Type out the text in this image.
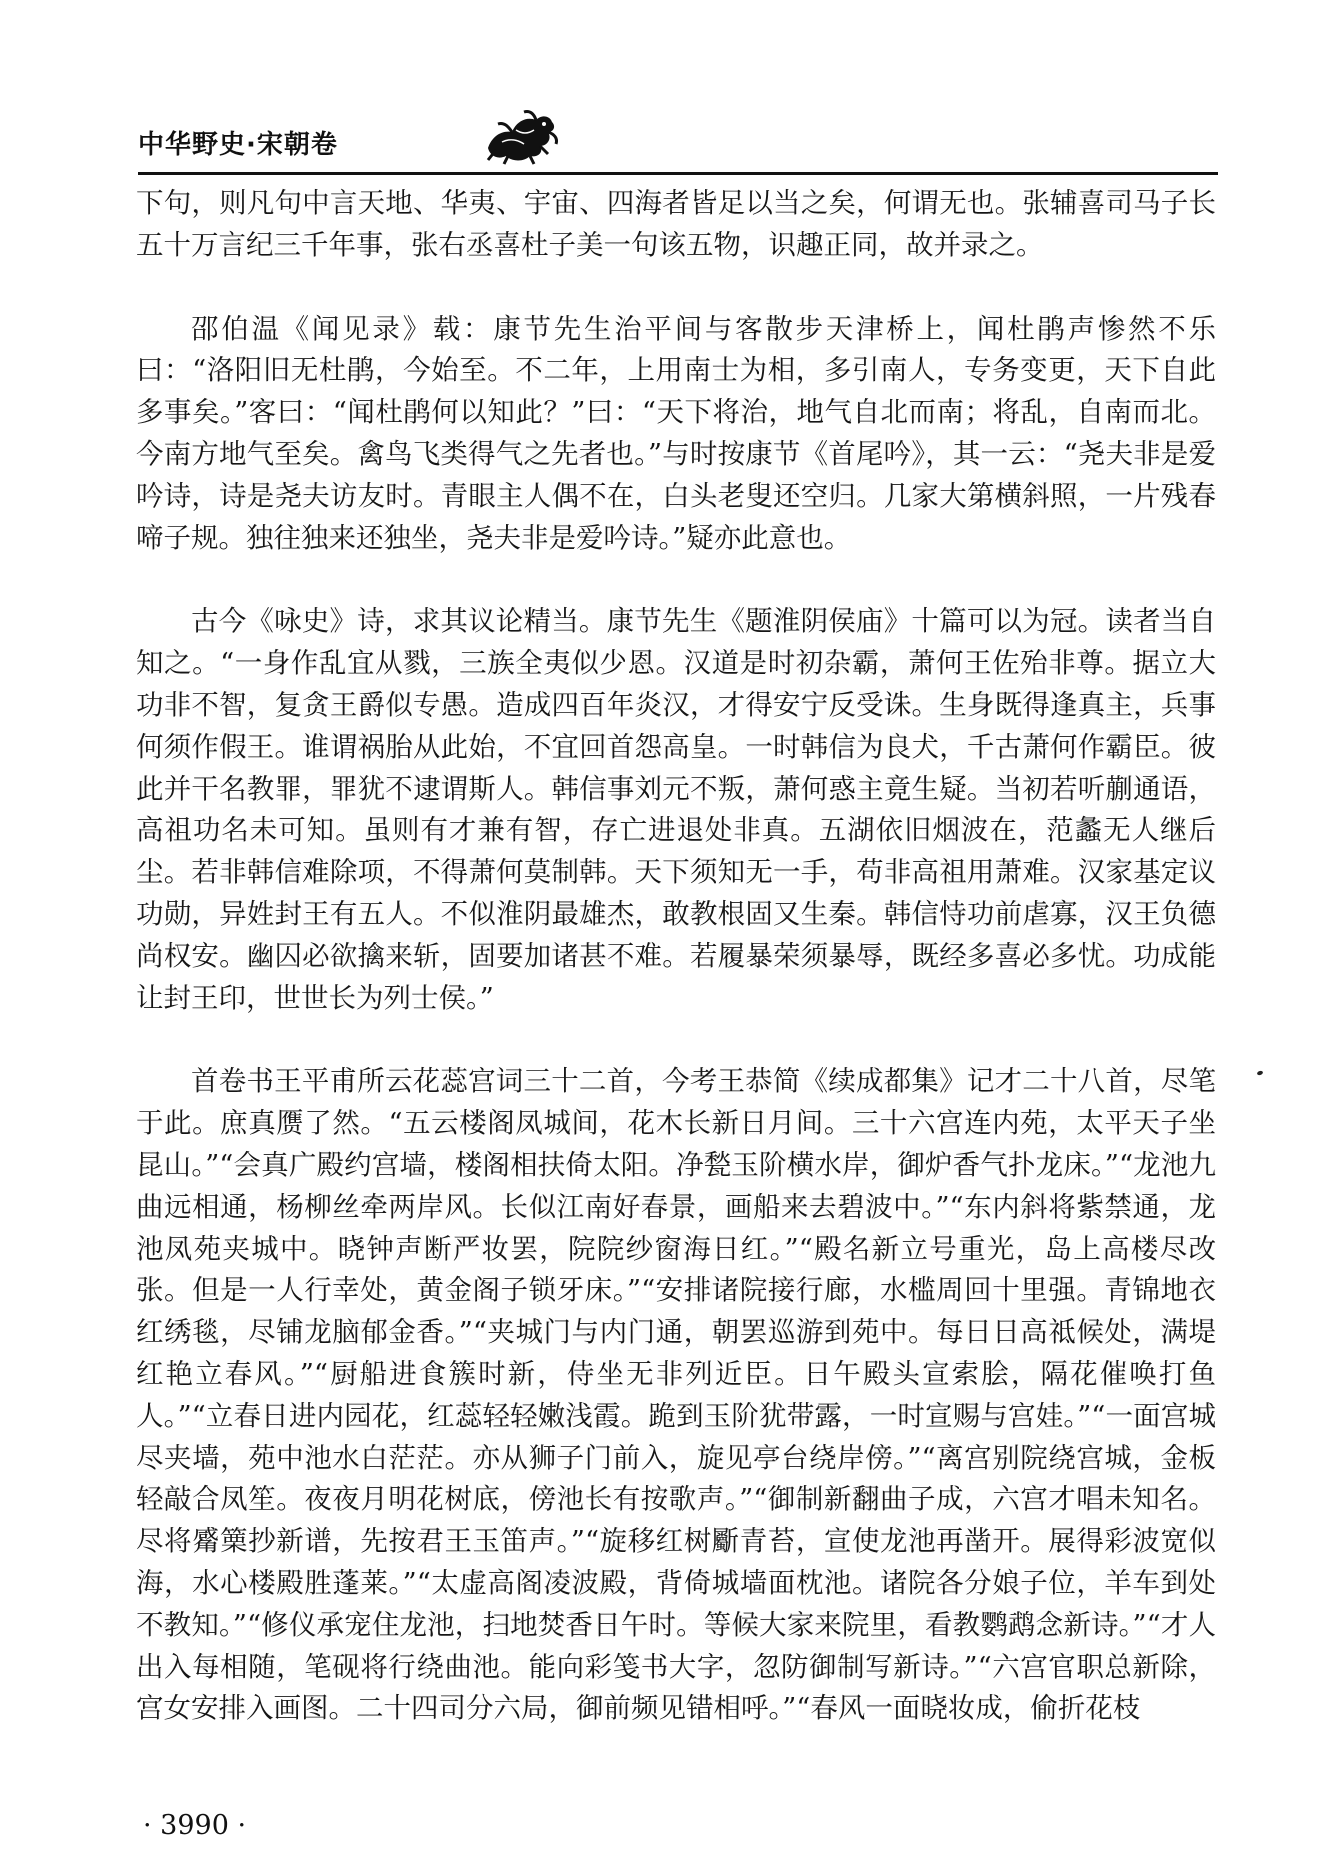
中华野史·宋朝卷

下句，则凡句中言天地、华夷、宇宙、四海者皆足以当之矣，何谓无也。张辅喜司马子长五十万言纪三千年事，张右丞喜杜子美一句该五物，识趣正同，故并录之。

邵伯温《闻见录》载：康节先生治平间与客散步天津桥上，闻杜鹃声惨然不乐曰：“洛阳旧无杜鹃，今始至。不二年，上用南士为相，多引南人，专务变更，天下自此多事矣。”客曰：“闻杜鹃何以知此？”曰：“天下将治，地气自北而南；将乱，自南而北。今南方地气至矣。禽鸟飞类得气之先者也。”与时按康节《首尾吟》，其一云：“尧夫非是爱吟诗，诗是尧夫访友时。青眼主人偶不在，白头老叟还空归。几家大第横斜照，一片残春啼子规。独往独来还独坐，尧夫非是爱吟诗。”疑亦此意也。

古今《咏史》诗，求其议论精当。康节先生《题淮阴侯庙》十篇可以为冠。读者当自知之。“一身作乱宜从戮，三族全夷似少恩。汉道是时初杂霸，萧何王佐殆非尊。据立大功非不智，复贪王爵似专愚。造成四百年炎汉，才得安宁反受诛。生身既得逢真主，兵事何须作假王。谁谓祸胎从此始，不宜回首怨高皇。一时韩信为良犬，千古萧何作霸臣。彼此并干名教罪，罪犹不逮谓斯人。韩信事刘元不叛，萧何惑主竟生疑。当初若听蒯通语，高祖功名未可知。虽则有才兼有智，存亡进退处非真。五湖依旧烟波在，范蠡无人继后尘。若非韩信难除项，不得萧何莫制韩。天下须知无一手，苟非高祖用萧难。汉家基定议功勋，异姓封王有五人。不似淮阴最雄杰，敢教根固又生秦。韩信恃功前虐寡，汉王负德尚权安。幽囚必欲擒来斩，固要加诸甚不难。若履暴荣须暴辱，既经多喜必多忧。功成能让封王印，世世长为列士侯。”

首卷书王平甫所云花蕊宫词三十二首，今考王恭简《续成都集》记才二十八首，尽笔于此。庶真赝了然。“五云楼阁凤城间，花木长新日月间。三十六宫连内苑，太平天子坐昆山。”“会真广殿约宫墙，楼阁相扶倚太阳。净甃玉阶横水岸，御炉香气扑龙床。”“龙池九曲远相通，杨柳丝牵两岸风。长似江南好春景，画船来去碧波中。”“东内斜将紫禁通，龙池凤苑夹城中。晓钟声断严妆罢，院院纱窗海日红。”“殿名新立号重光，岛上高楼尽改张。但是一人行幸处，黄金阁子锁牙床。”“安排诸院接行廊，水槛周回十里强。青锦地衣红绣毯，尽铺龙脑郁金香。”“夹城门与内门通，朝罢巡游到苑中。每日日高祗候处，满堤红艳立春风。”“厨船进食簇时新，侍坐无非列近臣。日午殿头宣索脍，隔花催唤打鱼人。”“立春日进内园花，红蕊轻轻嫩浅霞。跪到玉阶犹带露，一时宣赐与宫娃。”“一面宫城尽夹墙，苑中池水白茫茫。亦从狮子门前入，旋见亭台绕岸傍。”“离宫别院绕宫城，金板轻敲合凤笙。夜夜月明花树底，傍池长有按歌声。”“御制新翻曲子成，六宫才唱未知名。尽将觱篥抄新谱，先按君王玉笛声。”“旋移红树斸青苔，宣使龙池再凿开。展得彩波宽似海，水心楼殿胜蓬莱。”“太虚高阁凌波殿，背倚城墙面枕池。诸院各分娘子位，羊车到处不教知。”“修仪承宠住龙池，扫地焚香日午时。等候大家来院里，看教鹦鹉念新诗。”“才人出入每相随，笔砚将行绕曲池。能向彩笺书大字，忽防御制写新诗。”“六宫官职总新除，宫女安排入画图。二十四司分六局，御前频见错相呼。”“春风一面晓妆成，偷折花枝

· 3990 ·
